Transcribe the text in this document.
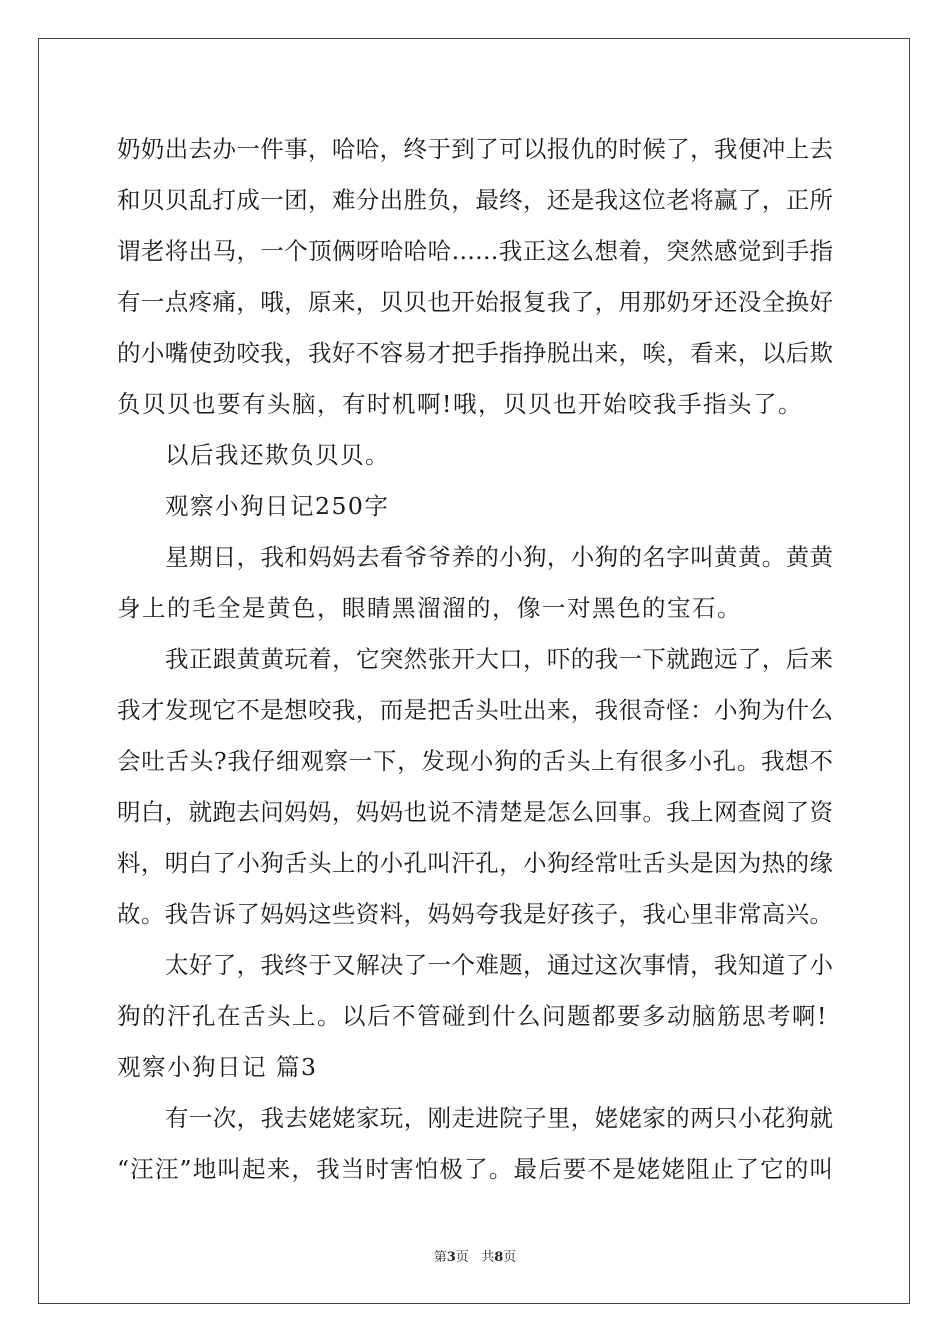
奶奶出去办一件事，哈哈，终于到了可以报仇的时候了，我便冲上去
和贝贝乱打成一团，难分出胜负，最终，还是我这位老将赢了，正所
谓老将出马，一个顶俩呀哈哈哈……我正这么想着，突然感觉到手指
有一点疼痛，哦，原来，贝贝也开始报复我了，用那奶牙还没全换好
的小嘴使劲咬我，我好不容易才把手指挣脱出来，唉，看来，以后欺
负贝贝也要有头脑，有时机啊!哦，贝贝也开始咬我手指头了。
以后我还欺负贝贝。
观察小狗日记250字
星期日，我和妈妈去看爷爷养的小狗，小狗的名字叫黄黄。黄黄
身上的毛全是黄色，眼睛黑溜溜的，像一对黑色的宝石。
我正跟黄黄玩着，它突然张开大口，吓的我一下就跑远了，后来
我才发现它不是想咬我，而是把舌头吐出来，我很奇怪：小狗为什么
会吐舌头?我仔细观察一下，发现小狗的舌头上有很多小孔。我想不
明白，就跑去问妈妈，妈妈也说不清楚是怎么回事。我上网查阅了资
料，明白了小狗舌头上的小孔叫汗孔，小狗经常吐舌头是因为热的缘
故。我告诉了妈妈这些资料，妈妈夸我是好孩子，我心里非常高兴。
太好了，我终于又解决了一个难题，通过这次事情，我知道了小
狗的汗孔在舌头上。以后不管碰到什么问题都要多动脑筋思考啊!
观察小狗日记 篇3
有一次，我去姥姥家玩，刚走进院子里，姥姥家的两只小花狗就
“汪汪”地叫起来，我当时害怕极了。最后要不是姥姥阻止了它的叫
第3页 共8页
